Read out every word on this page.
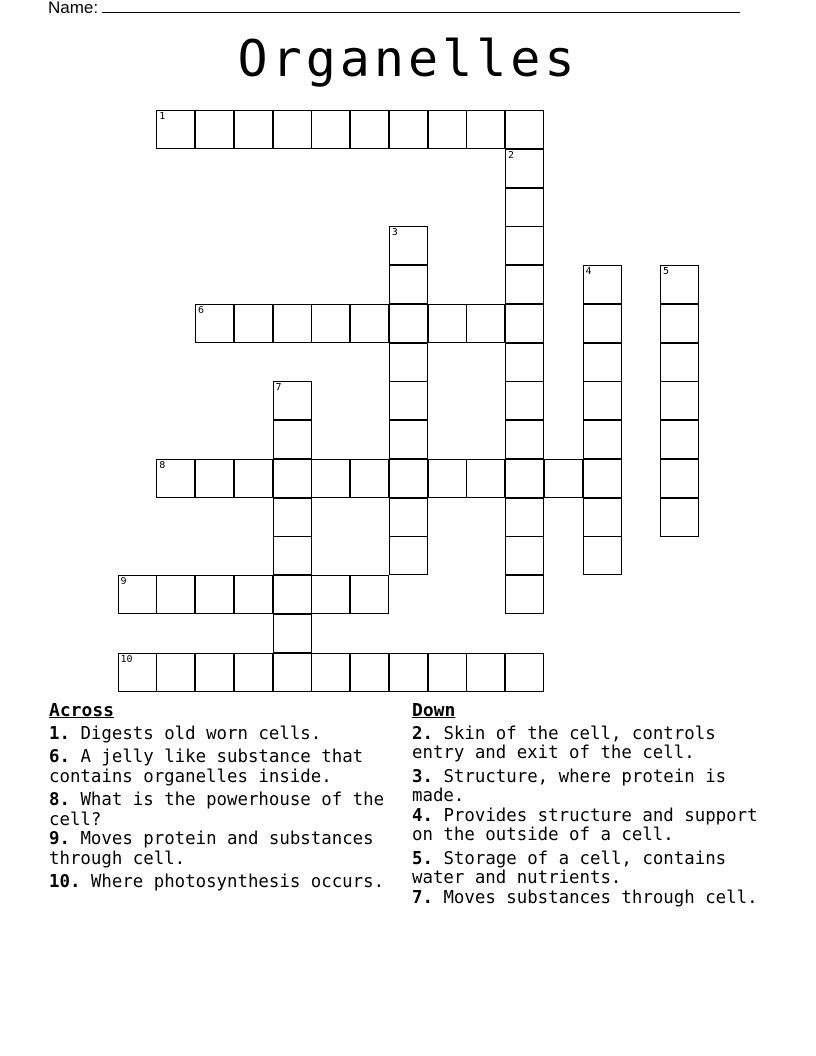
Name:
Organelles
1
2
3
4	5
6
7
8
9
10
Across
1. Digests old worn cells.
6. A jelly like substance that contains organelles inside.
8. What is the powerhouse of the cell?
9. Moves protein and substances through cell.
10. Where photosynthesis occurs.
Down
2. Skin of the cell, controls entry and exit of the cell.
3. Structure, where protein is made.
4. Provides structure and support on the outside of a cell.
5. Storage of a cell, contains water and nutrients.
7. Moves substances through cell.
